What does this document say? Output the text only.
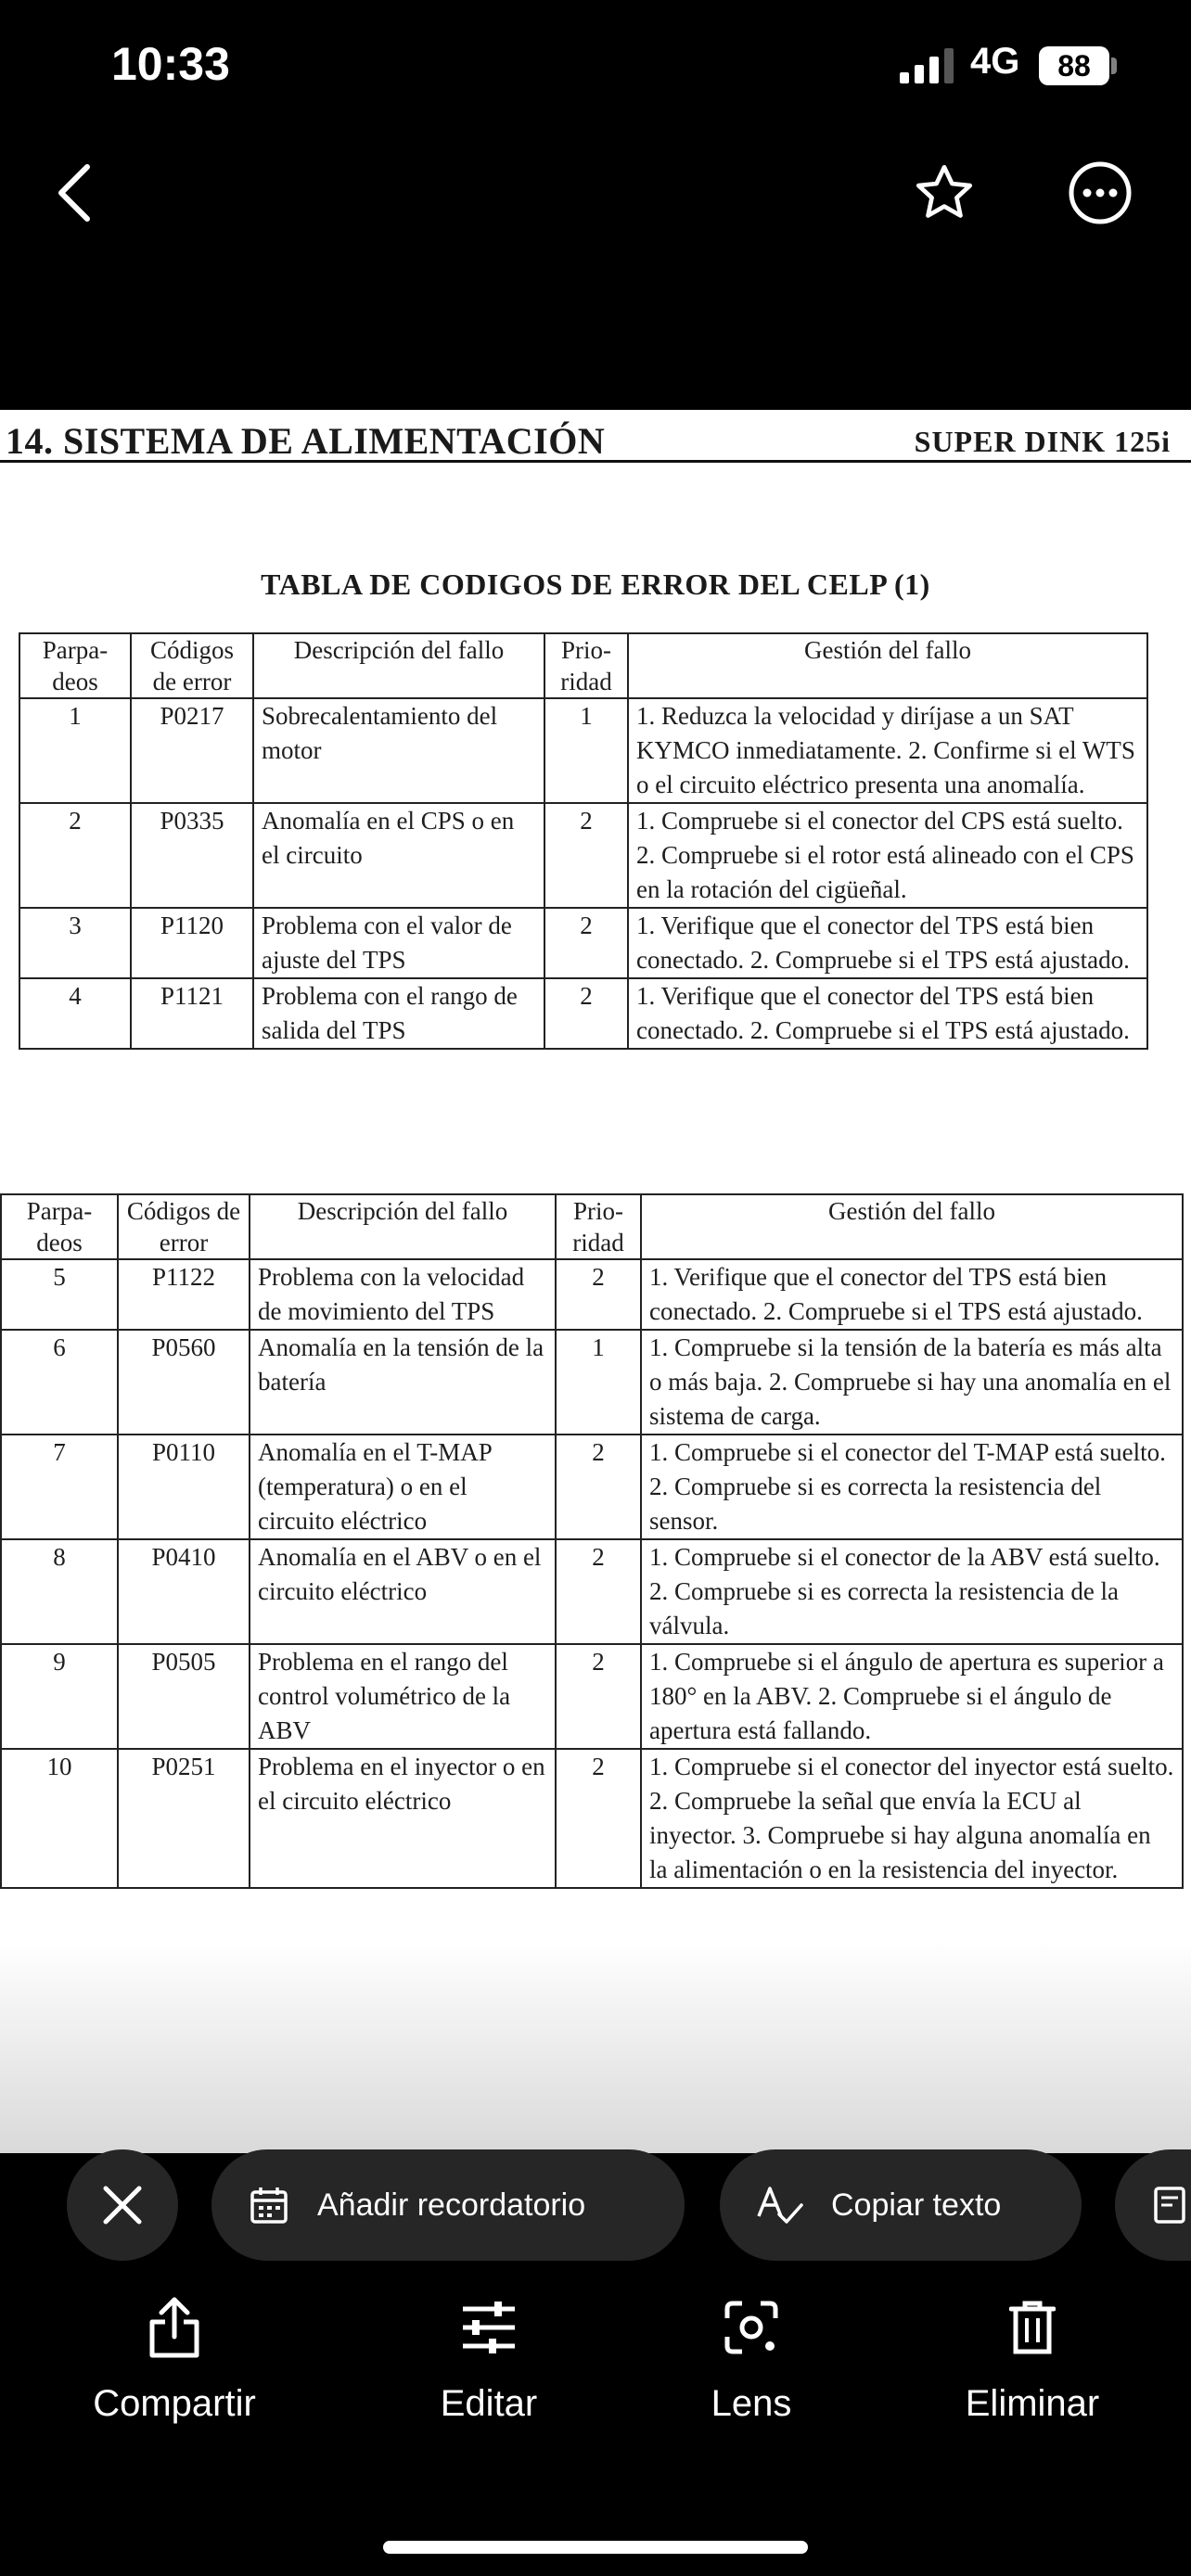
10:33	4G	88
14. SISTEMA DE ALIMENTACIÓN	SUPER DINK 125i
TABLA DE CODIGOS DE ERROR DEL CELP (1)
Parpa- deos	Códigos de error	Descripción del fallo	Prio- ridad	Gestión del fallo
1	P0217	Sobrecalentamiento del motor	1	1. Reduzca la velocidad y diríjase a un SAT KYMCO inmediatamente. 2. Confirme si el WTS o el circuito eléctrico presenta una anomalía.
2	P0335	Anomalía en el CPS o en el circuito	2	1. Compruebe si el conector del CPS está suelto. 2. Compruebe si el rotor está alineado con el CPS en la rotación del cigüeñal.
3	P1120	Problema con el valor de ajuste del TPS	2	1. Verifique que el conector del TPS está bien conectado. 2. Compruebe si el TPS está ajustado.
4	P1121	Problema con el rango de salida del TPS	2	1. Verifique que el conector del TPS está bien conectado. 2. Compruebe si el TPS está ajustado.
Parpa- deos	Códigos de error	Descripción del fallo	Prio- ridad	Gestión del fallo
5	P1122	Problema con la velocidad de movimiento del TPS	2	1. Verifique que el conector del TPS está bien conectado. 2. Compruebe si el TPS está ajustado.
6	P0560	Anomalía en la tensión de la batería	1	1. Compruebe si la tensión de la batería es más alta o más baja. 2. Compruebe si hay una anomalía en el sistema de carga.
7	P0110	Anomalía en el T-MAP (temperatura) o en el circuito eléctrico	2	1. Compruebe si el conector del T-MAP está suelto. 2. Compruebe si es correcta la resistencia del sensor.
8	P0410	Anomalía en el ABV o en el circuito eléctrico	2	1. Compruebe si el conector de la ABV está suelto. 2. Compruebe si es correcta la resistencia de la válvula.
9	P0505	Problema en el rango del control volumétrico de la ABV	2	1. Compruebe si el ángulo de apertura es superior a 180° en la ABV. 2. Compruebe si el ángulo de apertura está fallando.
10	P0251	Problema en el inyector o en el circuito eléctrico	2	1. Compruebe si el conector del inyector está suelto. 2. Compruebe la señal que envía la ECU al inyector. 3. Compruebe si hay alguna anomalía en la alimentación o en la resistencia del inyector.
Añadir recordatorio	Copiar texto
Compartir	Editar	Lens	Eliminar
